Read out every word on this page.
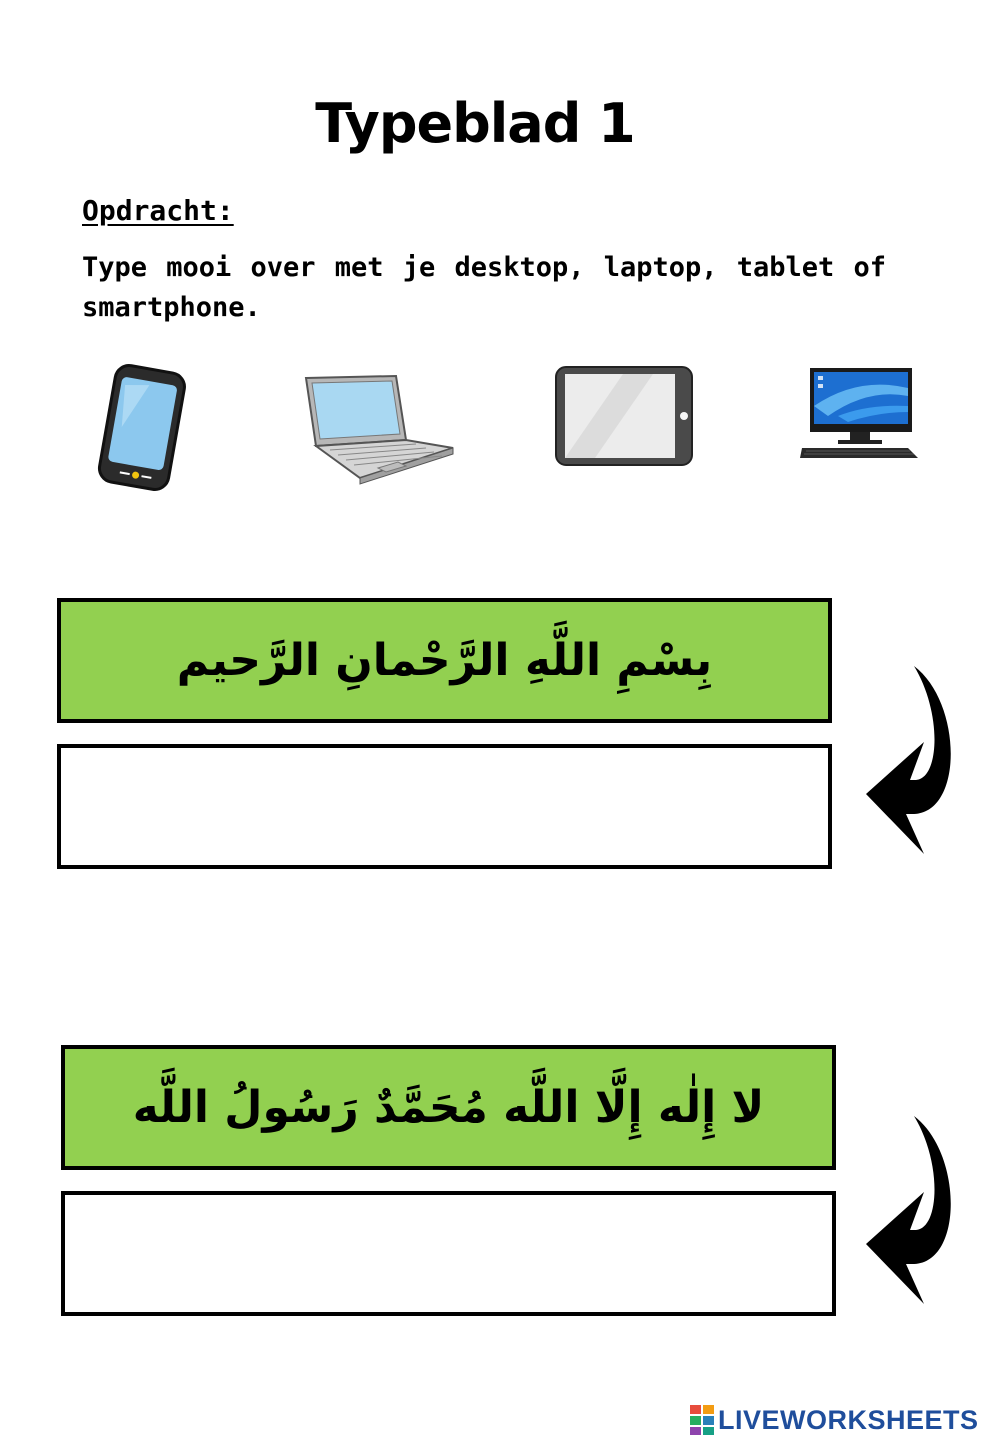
Typeblad 1
Opdracht:
Type mooi over met je desktop, laptop, tablet of smartphone.
بِسْمِ اللَّهِ الرَّحْمانِ الرَّحيم
لا إِلٰه إِلَّا اللَّه مُحَمَّدٌ رَسُولُ اللَّه
LIVEWORKSHEETS
